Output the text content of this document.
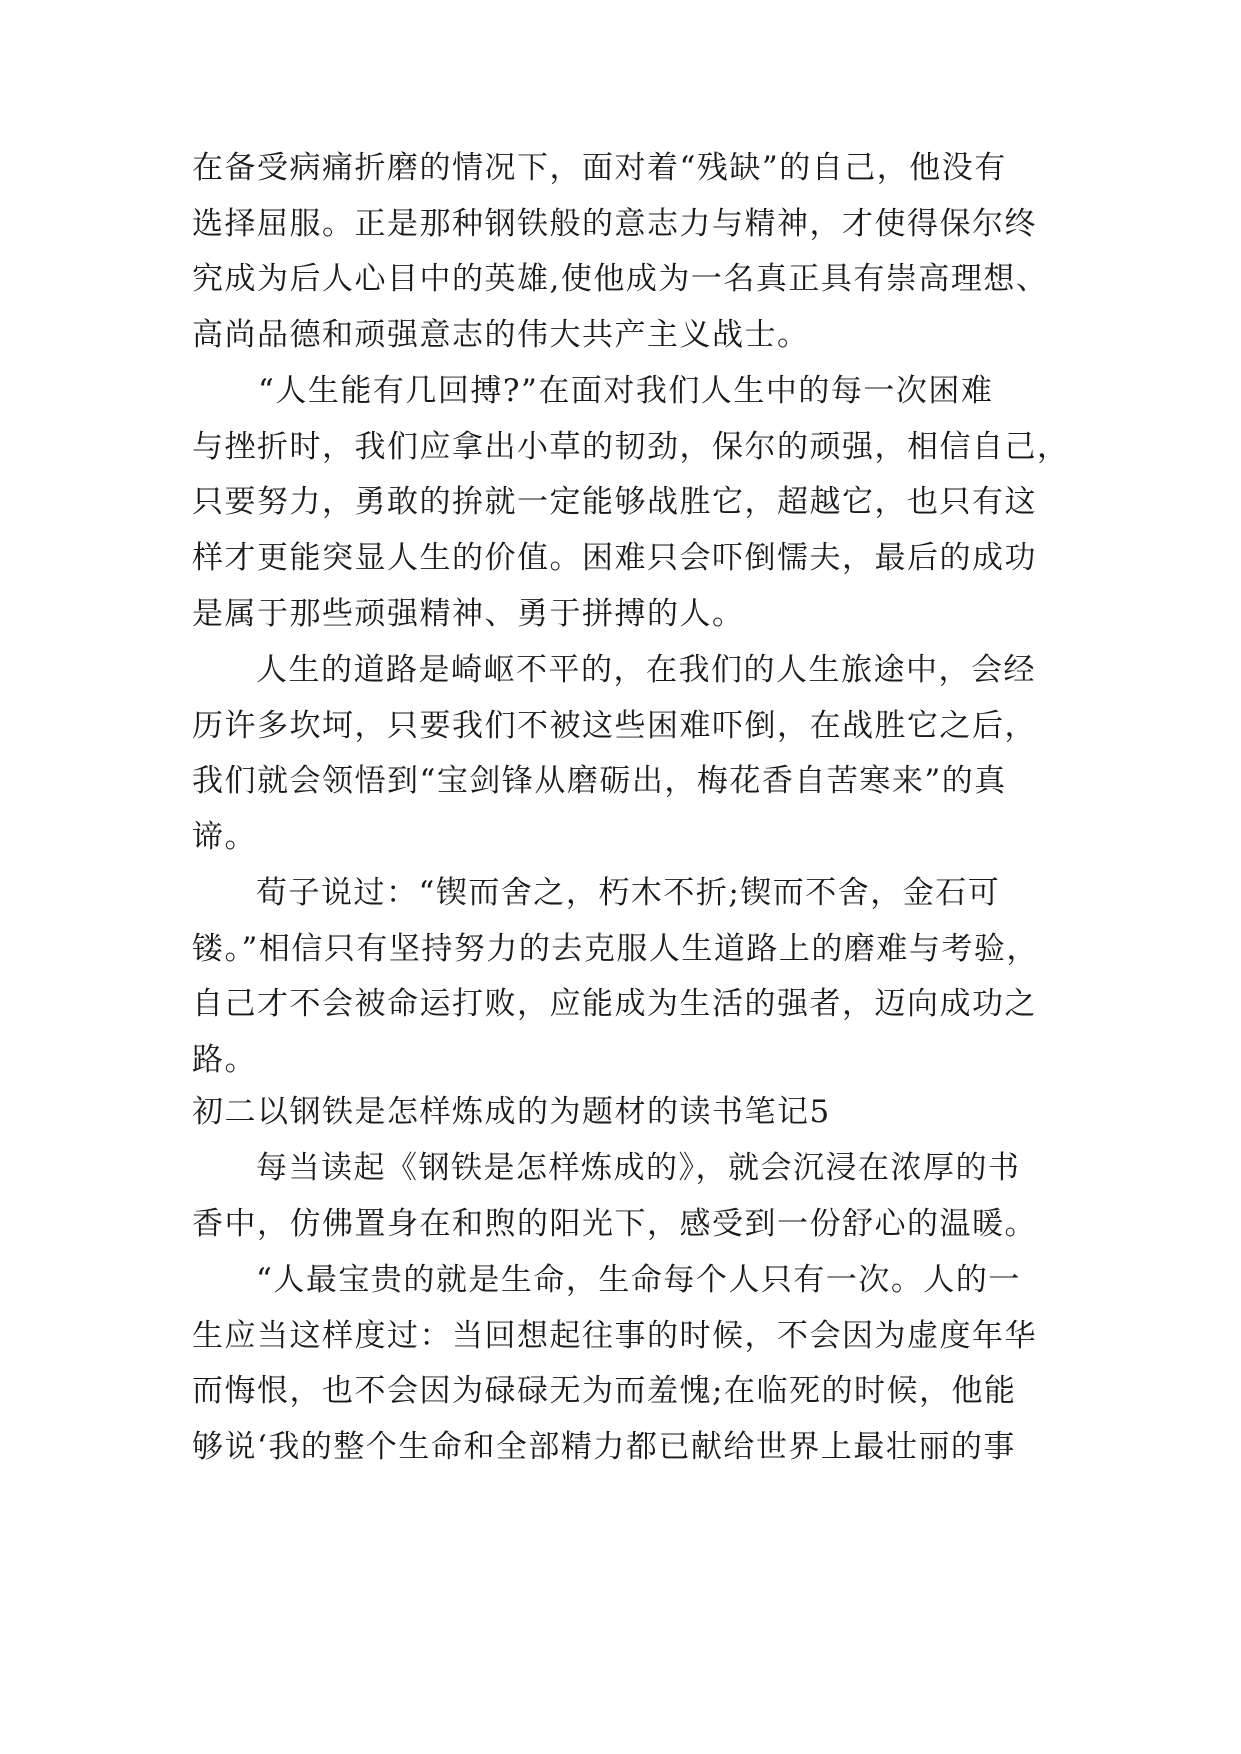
在备受病痛折磨的情况下，面对着“残缺”的自己，他没有

选择屈服。正是那种钢铁般的意志力与精神，才使得保尔终

究成为后人心目中的英雄,使他成为一名真正具有崇高理想、

高尚品德和顽强意志的伟大共产主义战士。

“人生能有几回搏?”在面对我们人生中的每一次困难

与挫折时，我们应拿出小草的韧劲，保尔的顽强，相信自己，

只要努力，勇敢的拚就一定能够战胜它，超越它，也只有这

样才更能突显人生的价值。困难只会吓倒懦夫，最后的成功

是属于那些顽强精神、勇于拼搏的人。

人生的道路是崎岖不平的，在我们的人生旅途中，会经

历许多坎坷，只要我们不被这些困难吓倒，在战胜它之后，

我们就会领悟到“宝剑锋从磨砺出，梅花香自苦寒来”的真

谛。

荀子说过：“锲而舍之，朽木不折;锲而不舍，金石可

镂。”相信只有坚持努力的去克服人生道路上的磨难与考验，

自己才不会被命运打败，应能成为生活的强者，迈向成功之

路。

初二以钢铁是怎样炼成的为题材的读书笔记5

每当读起《钢铁是怎样炼成的》，就会沉浸在浓厚的书

香中，仿佛置身在和煦的阳光下，感受到一份舒心的温暖。

“人最宝贵的就是生命，生命每个人只有一次。人的一

生应当这样度过：当回想起往事的时候，不会因为虚度年华

而悔恨，也不会因为碌碌无为而羞愧;在临死的时候，他能

够说‘我的整个生命和全部精力都已献给世界上最壮丽的事
